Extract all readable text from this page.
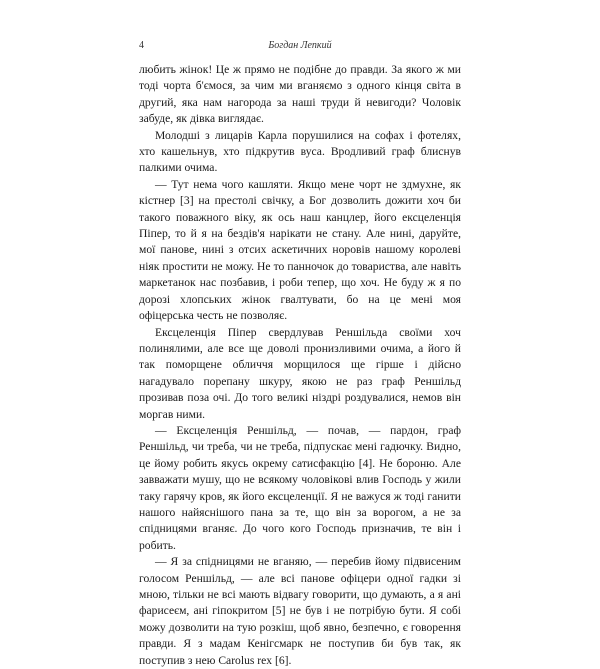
4	Богдан Лепкий

любить жінок! Це ж прямо не подібне до правди. За якого ж ми тоді чорта б'ємося, за чим ми вганяємо з одного кінця світа в другий, яка нам нагорода за наші труди й невигоди? Чоловік забуде, як дівка виглядає.

Молодші з лицарів Карла порушилися на софах і фотелях, хто кашельнув, хто підкрутив вуса. Вродливий граф блиснув палкими очима.

— Тут нема чого кашляти. Якщо мене чорт не здмухне, як кістнер [3] на престолі свічку, а Бог дозволить дожити хоч би такого поважного віку, як ось наш канцлер, його ексцеленція Піпер, то й я на бездів'я нарікати не стану. Але нині, даруйте, мої панове, нині з отсих аскетичних норовів нашому королеві ніяк простити не можу. Не то панночок до товариства, але навіть маркетанок нас позбавив, і роби тепер, що хоч. Не буду ж я по дорозі хлопських жінок гвалтувати, бо на це мені моя офіцерська честь не позволяє.

Ексцеленція Піпер свердлував Реншільда своїми хоч полинялими, але все ще доволі пронизливими очима, а його й так поморщене обличчя морщилося ще гірше і дійсно нагадувало порепану шкуру, якою не раз граф Реншільд прозивав поза очі. До того великі ніздрі роздувалися, немов він моргав ними.

— Ексцеленція Реншільд, — почав, — пардон, граф Реншільд, чи треба, чи не треба, підпускає мені гадючку. Видно, це йому робить якусь окрему сатисфакцію [4]. Не бороню. Але завважати мушу, що не всякому чоловікові влив Господь у жили таку гарячу кров, як його ексцеленції. Я не важуся ж тоді ганити нашого найяснішого пана за те, що він за ворогом, а не за спідницями вганяє. До чого кого Господь призначив, те він і робить.

— Я за спідницями не вганяю, — перебив йому підвисеним голосом Реншільд, — але всі панове офіцери одної гадки зі мною, тільки не всі мають відвагу говорити, що думають, а я ані фарисеєм, ані гіпокритом [5] не був і не потрібую бути. Я собі можу дозволити на тую розкіш, щоб явно, безпечно, є говорення правди. Я з мадам Кенігсмарк не поступив би був так, як поступив з нею Carolus rex [6].
